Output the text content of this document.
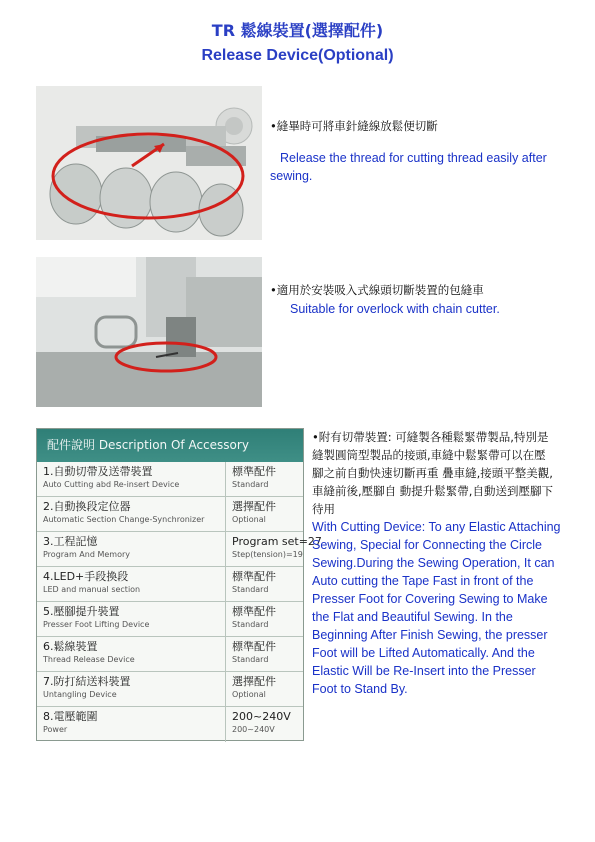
TR 鬆線裝置(選擇配件)
Release Device(Optional)
•縫畢時可將車針縫線放鬆便切斷
Release the thread for cutting thread easily after sewing.
•適用於安裝吸入式線頭切斷裝置的包縫車
Suitable for overlock with chain cutter.
配件說明 Description Of Accessory
1.自動切帶及送帶裝置
Auto Cutting abd Re-insert Device
標準配件
Standard
2.自動換段定位器
Automatic Section Change-Synchronizer
選擇配件
Optional
3.工程記憶
Program And Memory
Program set=27
Step(tension)=19
4.LED+手段換段
LED and manual section
標準配件
Standard
5.壓腳提升裝置
Presser Foot Lifting Device
標準配件
Standard
6.鬆線裝置
Thread Release Device
標準配件
Standard
7.防打結送料裝置
Untangling Device
選擇配件
Optional
8.電壓範圍
Power
200~240V
200~240V
•附有切帶裝置: 可縫製各種鬆緊帶製品,特別是縫製圓筒型製品的接頭,車縫中鬆緊帶可以在壓腳之前自動快速切斷再重 疊車縫,接頭平整美觀,車縫前後,壓腳自 動提升鬆緊帶,自動送到壓腳下待用
With Cutting Device: To any Elastic Attaching Sewing, Special for Connecting the Circle Sewing.During the Sewing Operation, It can Auto cutting the Tape Fast in front of the Presser Foot for Covering Sewing to Make the Flat and Beautiful Sewing. In the Beginning After Finish Sewing, the presser Foot will be Lifted Automatically. And the Elastic Will be Re-Insert into the Presser Foot to Stand By.
